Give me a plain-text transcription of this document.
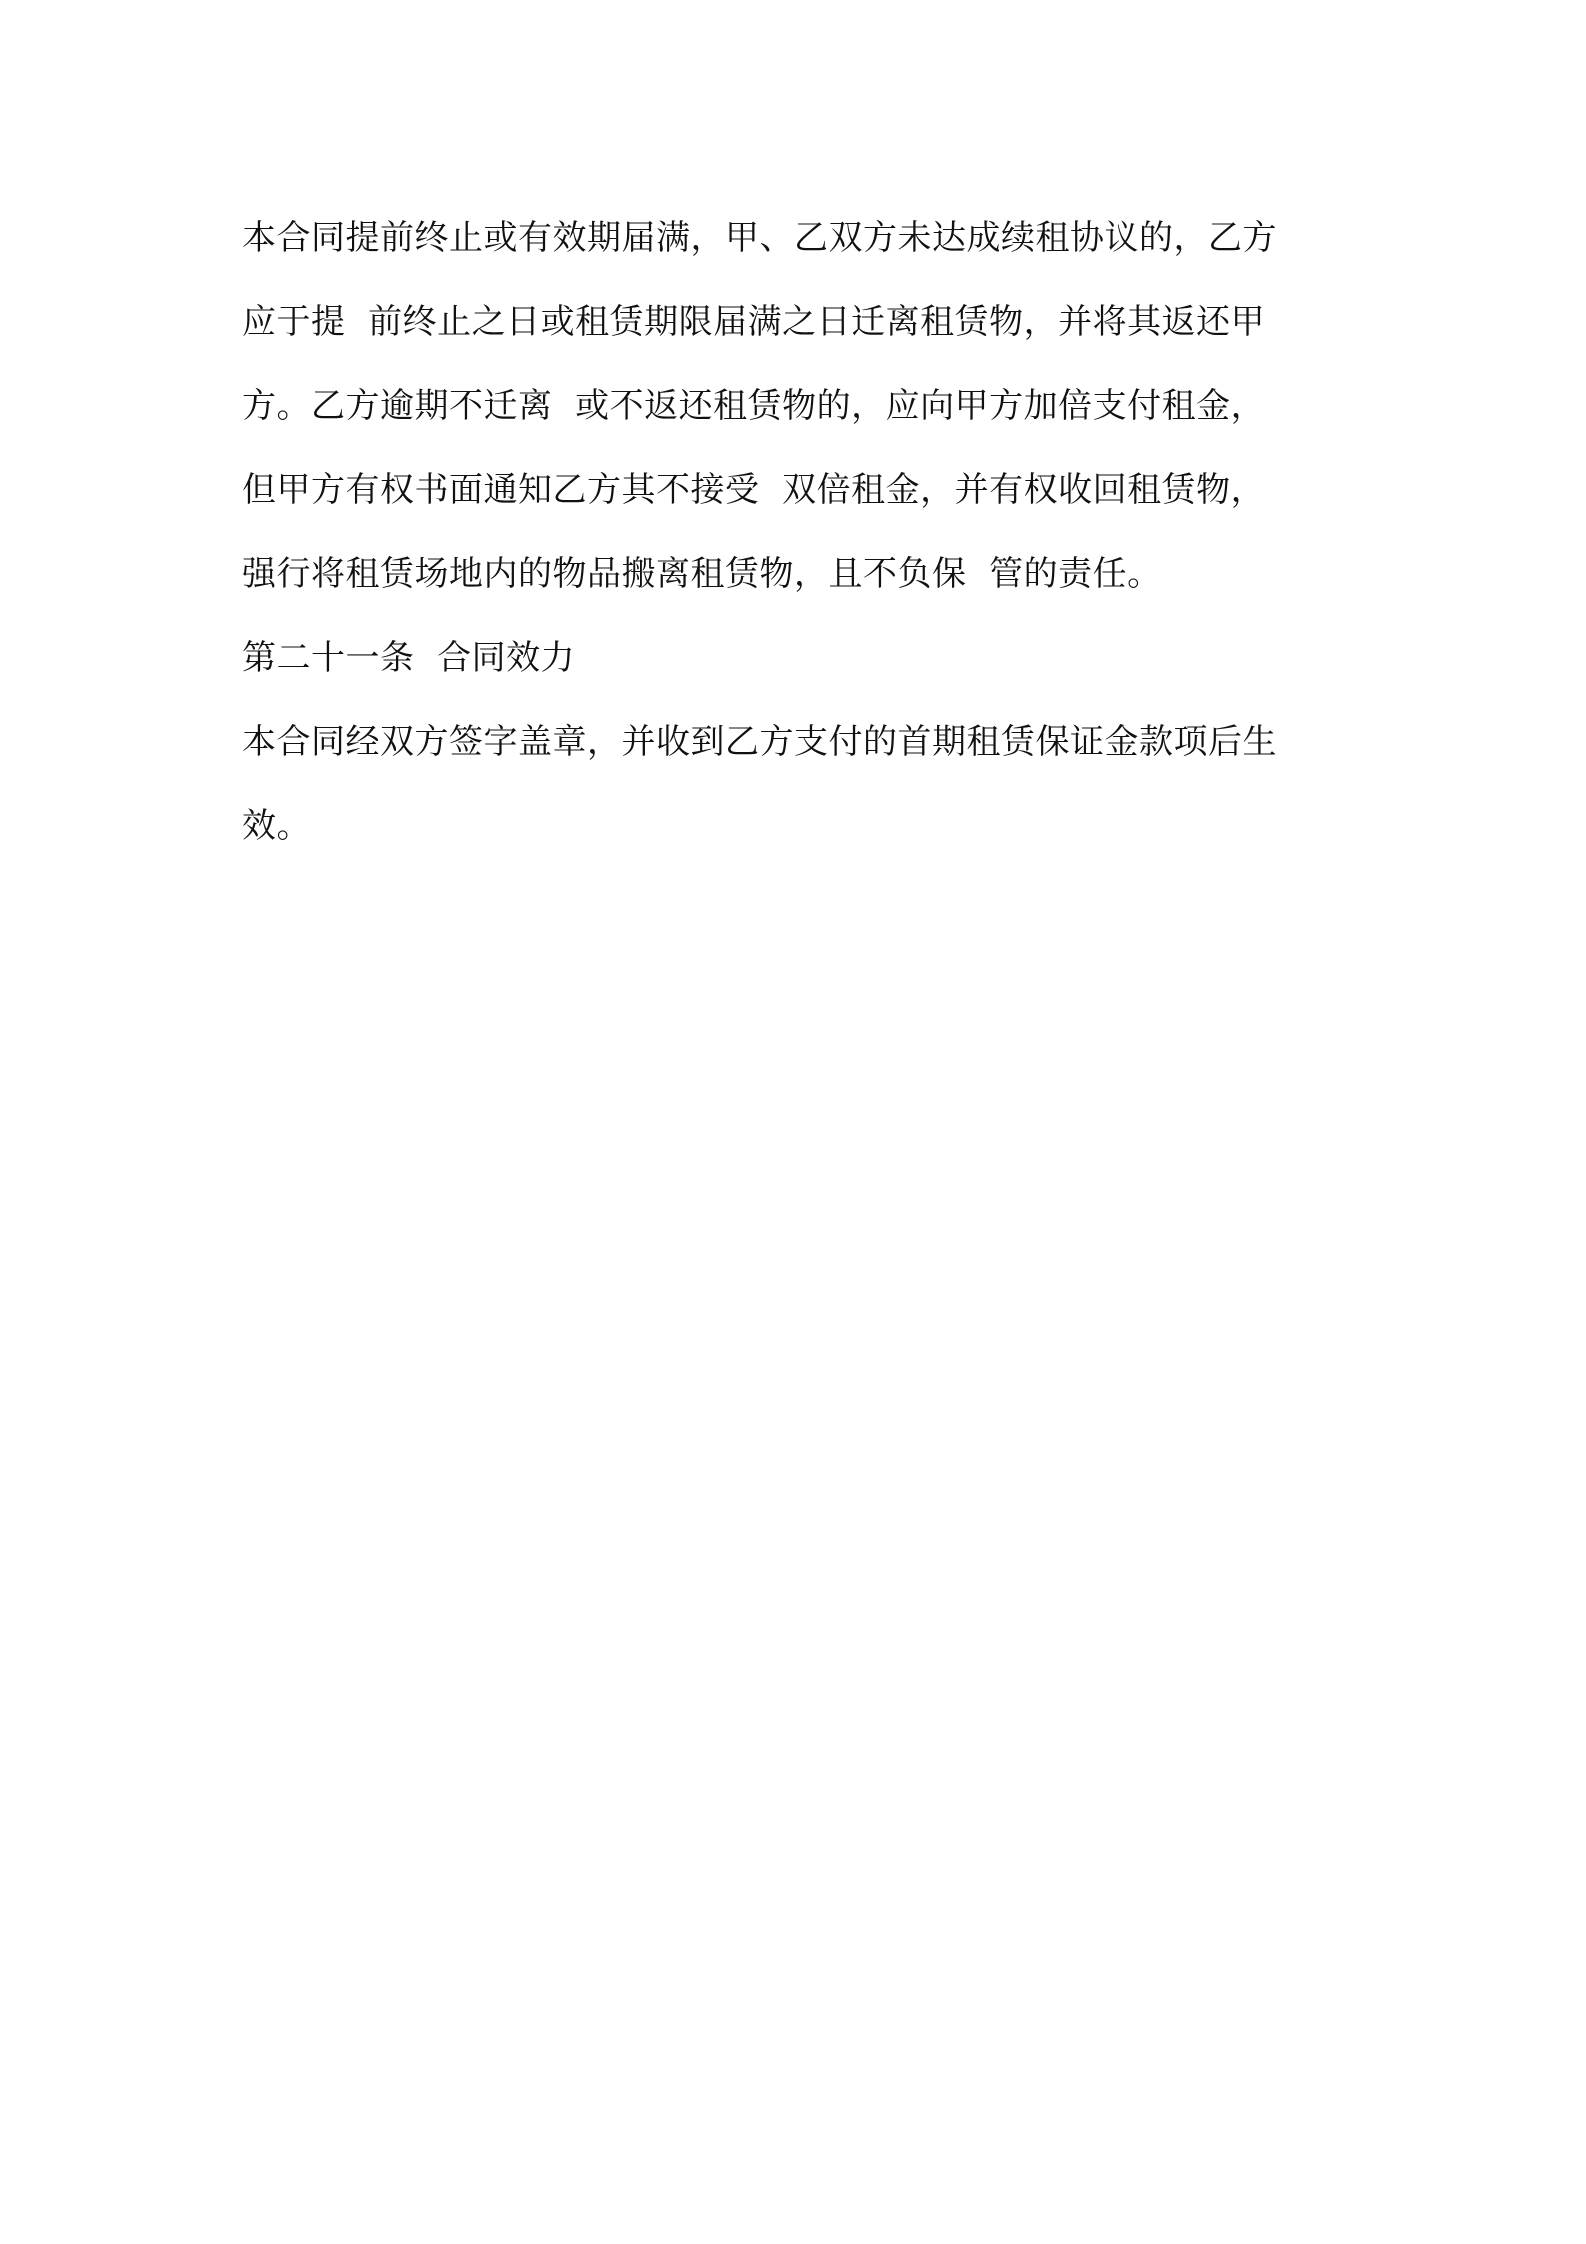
本合同提前终止或有效期届满，甲、乙双方未达成续租协议的，乙方
应于提  前终止之日或租赁期限届满之日迁离租赁物，并将其返还甲
方。乙方逾期不迁离  或不返还租赁物的，应向甲方加倍支付租金，
但甲方有权书面通知乙方其不接受  双倍租金，并有权收回租赁物，
强行将租赁场地内的物品搬离租赁物，且不负保  管的责任。
第二十一条  合同效力
本合同经双方签字盖章，并收到乙方支付的首期租赁保证金款项后生
效。
